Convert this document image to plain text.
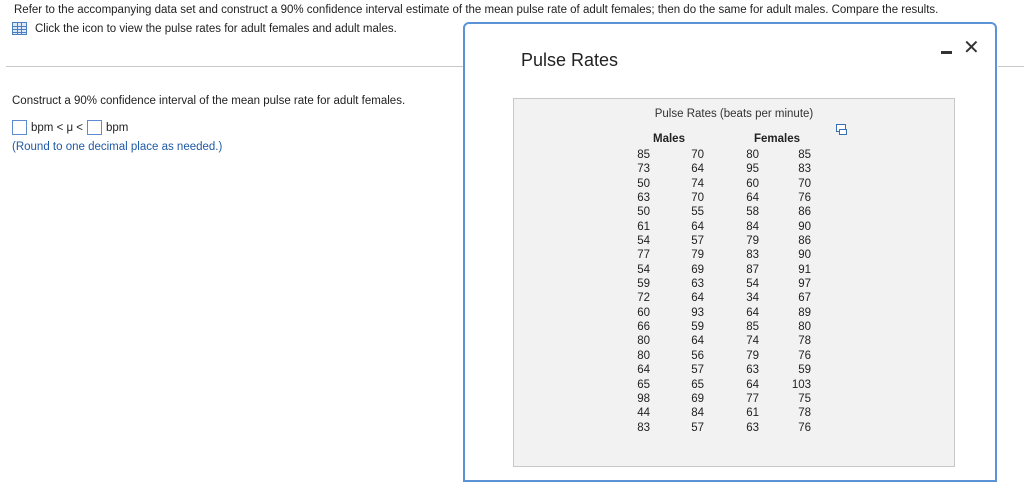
Refer to the accompanying data set and construct a 90% confidence interval estimate of the mean pulse rate of adult females; then do the same for adult males. Compare the results.
Click the icon to view the pulse rates for adult females and adult males.
Construct a 90% confidence interval of the mean pulse rate for adult females.
bpm < μ < bpm
(Round to one decimal place as needed.)
Pulse Rates
✕
Pulse Rates (beats per minute)
Males	Females
85
73
50
63
50
61
54
77
54
59
72
60
66
80
80
64
65
98
44
83
70
64
74
70
55
64
57
79
69
63
64
93
59
64
56
57
65
69
84
57
80
95
60
64
58
84
79
83
87
54
34
64
85
74
79
63
64
77
61
63
85
83
70
76
86
90
86
90
91
97
67
89
80
78
76
59
103
75
78
76
